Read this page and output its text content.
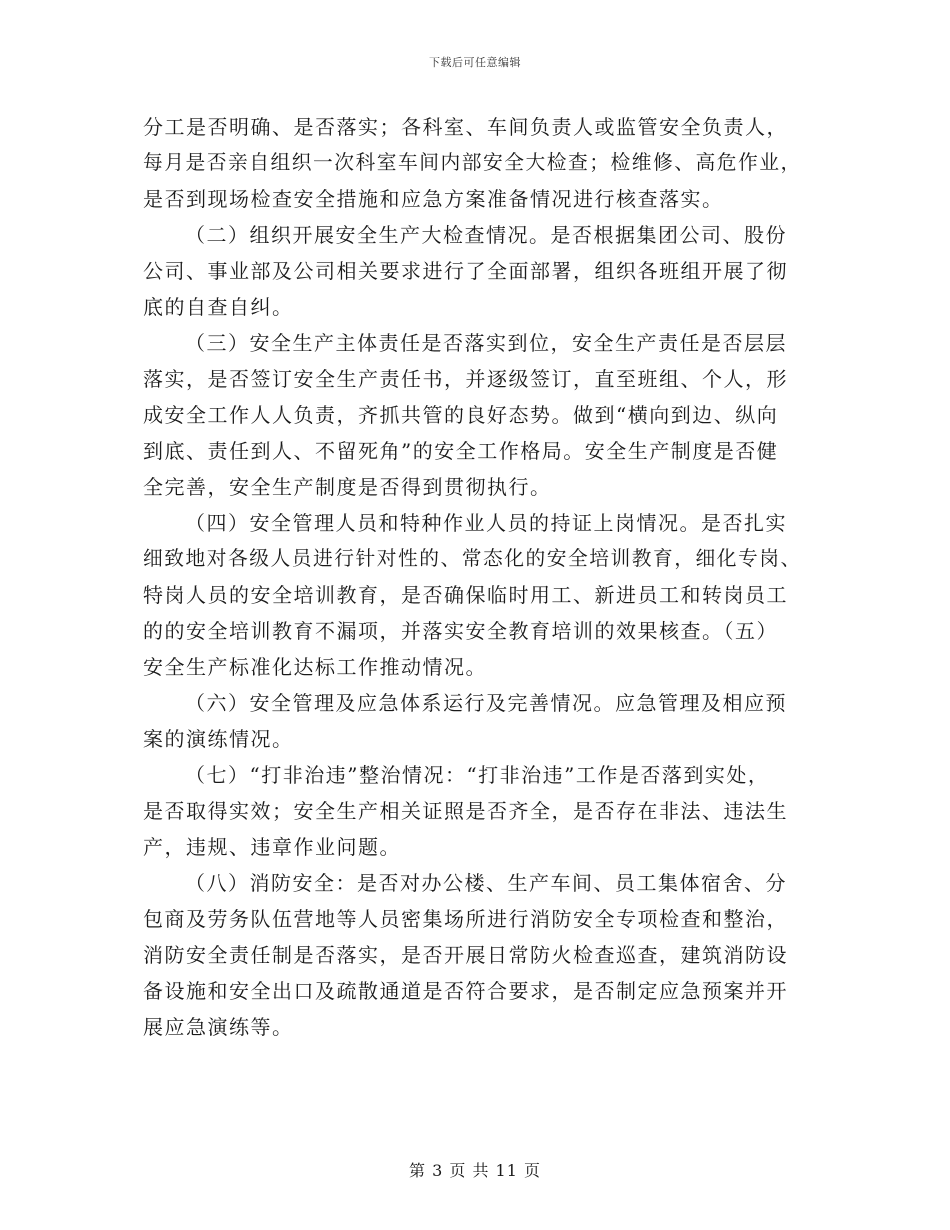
下载后可任意编辑
分工是否明确、是否落实；各科室、车间负责人或监管安全负责人，
每月是否亲自组织一次科室车间内部安全大检查；检维修、高危作业，
是否到现场检查安全措施和应急方案准备情况进行核查落实。
（二）组织开展安全生产大检查情况。是否根据集团公司、股份
公司、事业部及公司相关要求进行了全面部署，组织各班组开展了彻
底的自查自纠。
（三）安全生产主体责任是否落实到位，安全生产责任是否层层
落实，是否签订安全生产责任书，并逐级签订，直至班组、个人，形
成安全工作人人负责，齐抓共管的良好态势。做到“横向到边、纵向
到底、责任到人、不留死角”的安全工作格局。安全生产制度是否健
全完善，安全生产制度是否得到贯彻执行。
（四）安全管理人员和特种作业人员的持证上岗情况。是否扎实
细致地对各级人员进行针对性的、常态化的安全培训教育，细化专岗、
特岗人员的安全培训教育，是否确保临时用工、新进员工和转岗员工
的的安全培训教育不漏项，并落实安全教育培训的效果核查。（五）
安全生产标准化达标工作推动情况。
（六）安全管理及应急体系运行及完善情况。应急管理及相应预
案的演练情况。
（七）“打非治违”整治情况：“打非治违”工作是否落到实处，
是否取得实效；安全生产相关证照是否齐全，是否存在非法、违法生
产，违规、违章作业问题。
（八）消防安全：是否对办公楼、生产车间、员工集体宿舍、分
包商及劳务队伍营地等人员密集场所进行消防安全专项检查和整治，
消防安全责任制是否落实，是否开展日常防火检查巡查，建筑消防设
备设施和安全出口及疏散通道是否符合要求，是否制定应急预案并开
展应急演练等。
第 3 页 共 11 页
